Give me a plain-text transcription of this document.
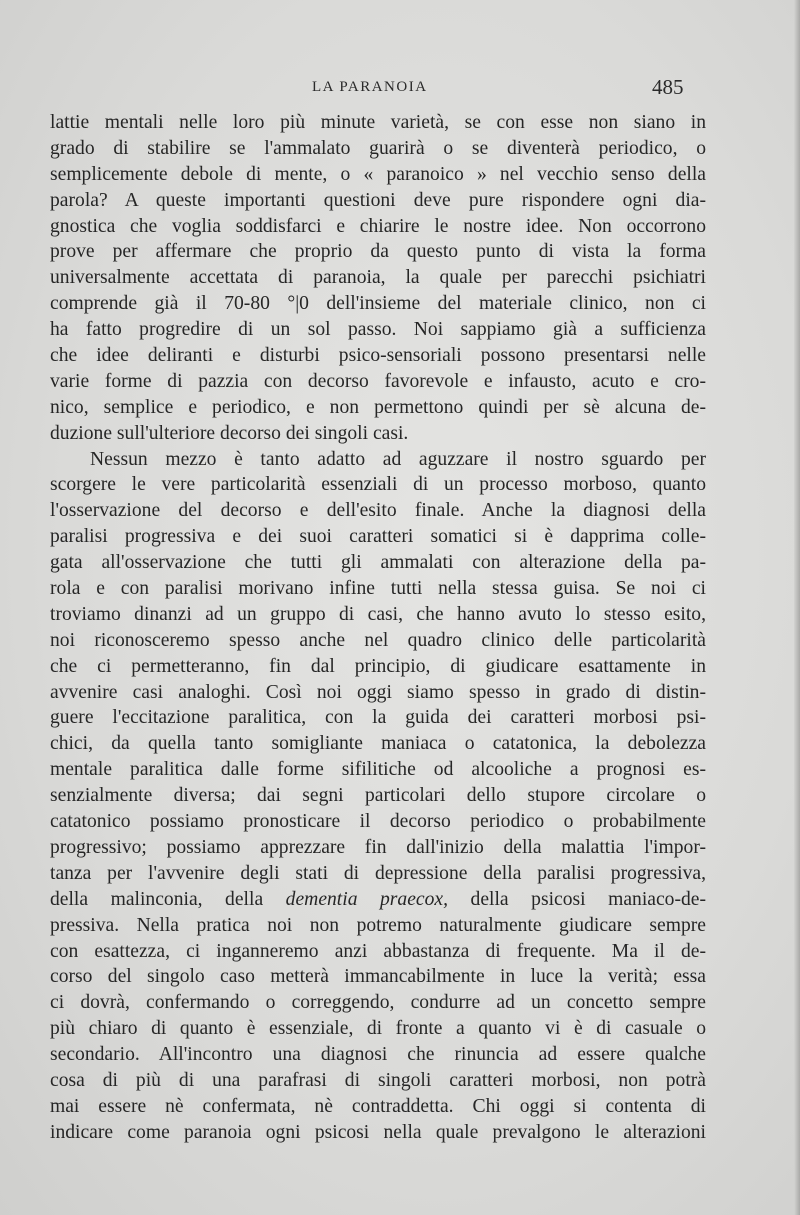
LA PARANOIA	485
lattie mentali nelle loro più minute varietà, se con esse non siano in
grado di stabilire se l'ammalato guarirà o se diventerà periodico, o
semplicemente debole di mente, o « paranoico » nel vecchio senso della
parola? A queste importanti questioni deve pure rispondere ogni dia-
gnostica che voglia soddisfarci e chiarire le nostre idee. Non occorrono
prove per affermare che proprio da questo punto di vista la forma
universalmente accettata di paranoia, la quale per parecchi psichiatri
comprende già il 70-80 °|0 dell'insieme del materiale clinico, non ci
ha fatto progredire di un sol passo. Noi sappiamo già a sufficienza
che idee deliranti e disturbi psico-sensoriali possono presentarsi nelle
varie forme di pazzia con decorso favorevole e infausto, acuto e cro-
nico, semplice e periodico, e non permettono quindi per sè alcuna de-
duzione sull'ulteriore decorso dei singoli casi.
Nessun mezzo è tanto adatto ad aguzzare il nostro sguardo per
scorgere le vere particolarità essenziali di un processo morboso, quanto
l'osservazione del decorso e dell'esito finale. Anche la diagnosi della
paralisi progressiva e dei suoi caratteri somatici si è dapprima colle-
gata all'osservazione che tutti gli ammalati con alterazione della pa-
rola e con paralisi morivano infine tutti nella stessa guisa. Se noi ci
troviamo dinanzi ad un gruppo di casi, che hanno avuto lo stesso esito,
noi riconosceremo spesso anche nel quadro clinico delle particolarità
che ci permetteranno, fin dal principio, di giudicare esattamente in
avvenire casi analoghi. Così noi oggi siamo spesso in grado di distin-
guere l'eccitazione paralitica, con la guida dei caratteri morbosi psi-
chici, da quella tanto somigliante maniaca o catatonica, la debolezza
mentale paralitica dalle forme sifilitiche od alcooliche a prognosi es-
senzialmente diversa; dai segni particolari dello stupore circolare o
catatonico possiamo pronosticare il decorso periodico o probabilmente
progressivo; possiamo apprezzare fin dall'inizio della malattia l'impor-
tanza per l'avvenire degli stati di depressione della paralisi progressiva,
della malinconia, della dementia praecox, della psicosi maniaco-de-
pressiva. Nella pratica noi non potremo naturalmente giudicare sempre
con esattezza, ci inganneremo anzi abbastanza di frequente. Ma il de-
corso del singolo caso metterà immancabilmente in luce la verità; essa
ci dovrà, confermando o correggendo, condurre ad un concetto sempre
più chiaro di quanto è essenziale, di fronte a quanto vi è di casuale o
secondario. All'incontro una diagnosi che rinuncia ad essere qualche
cosa di più di una parafrasi di singoli caratteri morbosi, non potrà
mai essere nè confermata, nè contraddetta. Chi oggi si contenta di
indicare come paranoia ogni psicosi nella quale prevalgono le alterazioni
